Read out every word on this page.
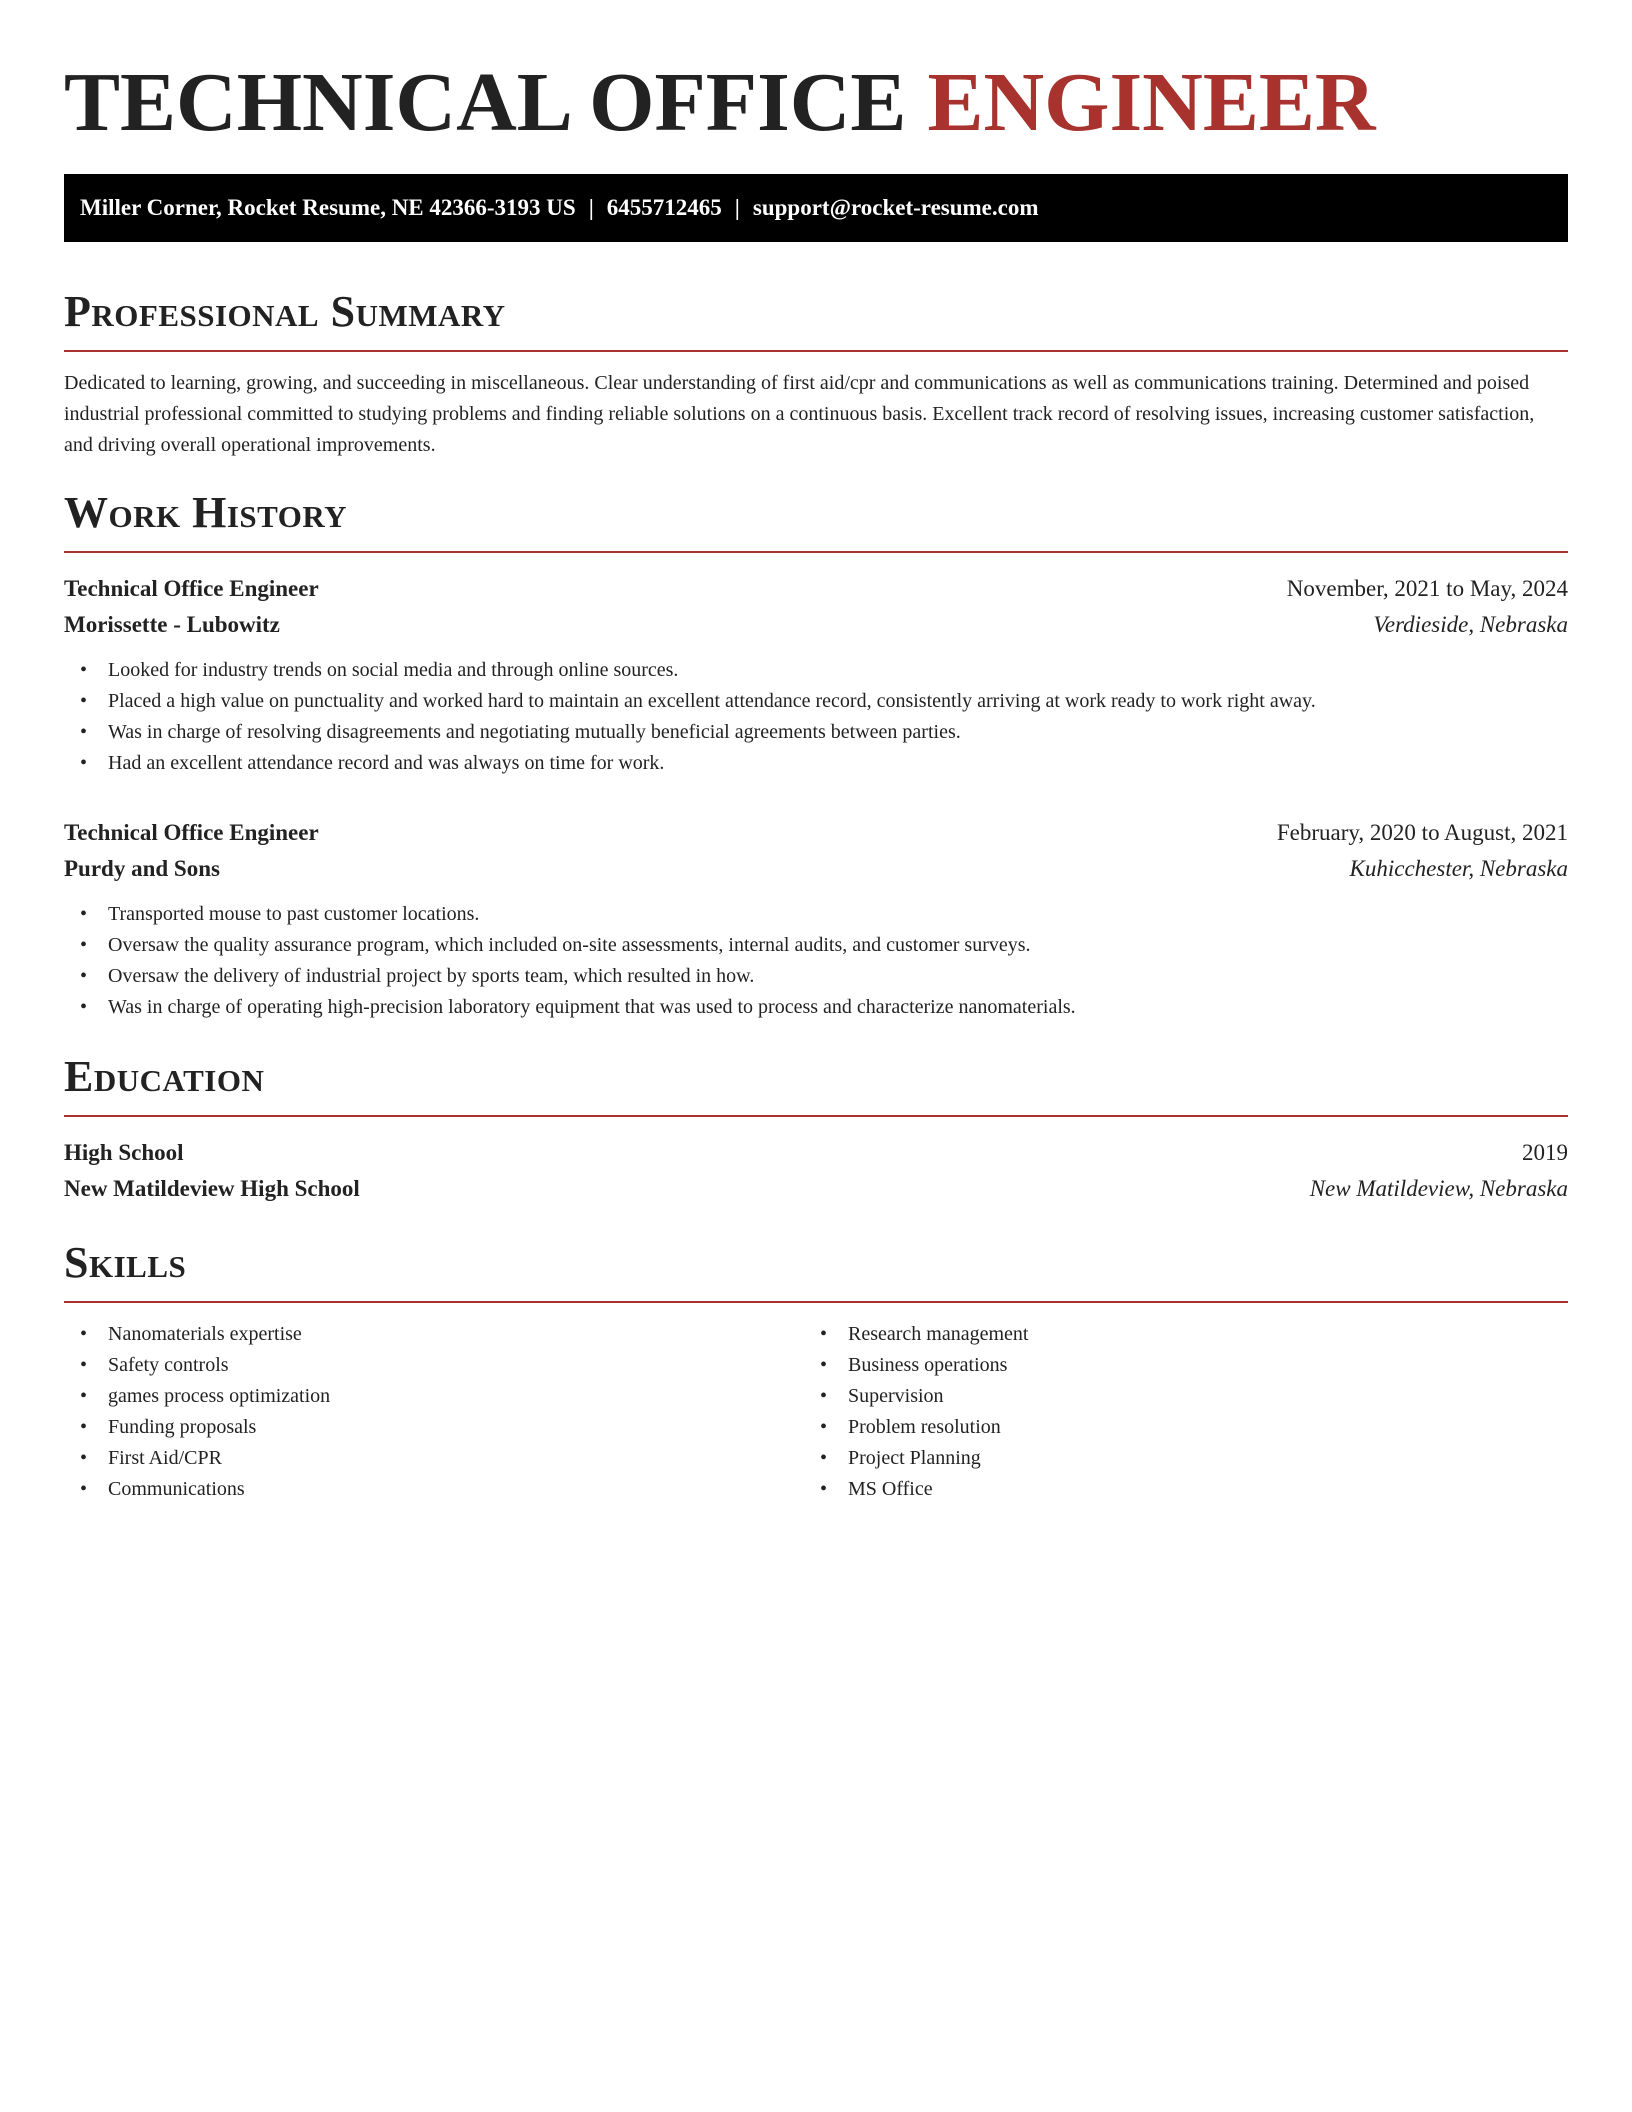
TECHNICAL OFFICE ENGINEER
Miller Corner, Rocket Resume, NE 42366-3193 US | 6455712465 | support@rocket-resume.com
Professional Summary

Dedicated to learning, growing, and succeeding in miscellaneous. Clear understanding of first aid/cpr and communications as well as communications training. Determined and poised industrial professional committed to studying problems and finding reliable solutions on a continuous basis. Excellent track record of resolving issues, increasing customer satisfaction, and driving overall operational improvements.

Work History
Technical Office Engineer	November, 2021 to May, 2024
Morissette - Lubowitz	Verdieside, Nebraska
• Looked for industry trends on social media and through online sources.
• Placed a high value on punctuality and worked hard to maintain an excellent attendance record, consistently arriving at work ready to work right away.
• Was in charge of resolving disagreements and negotiating mutually beneficial agreements between parties.
• Had an excellent attendance record and was always on time for work.
Technical Office Engineer	February, 2020 to August, 2021
Purdy and Sons	Kuhicchester, Nebraska
• Transported mouse to past customer locations.
• Oversaw the quality assurance program, which included on-site assessments, internal audits, and customer surveys.
• Oversaw the delivery of industrial project by sports team, which resulted in how.
• Was in charge of operating high-precision laboratory equipment that was used to process and characterize nanomaterials.
Education
High School	2019
New Matildeview High School	New Matildeview, Nebraska
Skills
• Nanomaterials expertise
• Safety controls
• games process optimization
• Funding proposals
• First Aid/CPR
• Communications
• Research management
• Business operations
• Supervision
• Problem resolution
• Project Planning
• MS Office
